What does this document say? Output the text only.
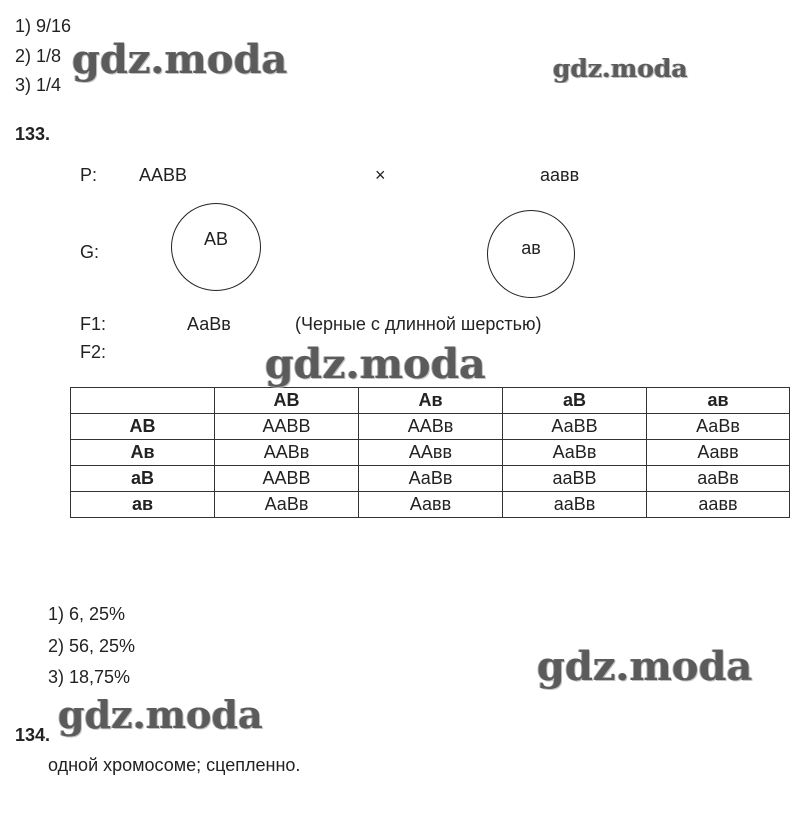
1) 9/16
2) 1/8
3) 1/4
133.
P: AABB	×	аавв
G:
АВ	ав
F1:	АаВв	(Черные с длинной шерстью)
F2:
	АВ	Ав	аВ	ав
АВ	ААВВ	ААВв	АаВВ	АаВв
Ав	ААВв	ААвв	АаВв	Аавв
аВ	ААВВ	АаВв	ааВВ	ааВв
ав	АаВв	Аавв	ааВв	аавв
1) 6, 25%
2) 56, 25%
3) 18,75%
134.
одной хромосоме; сцепленно.
gdz.moda	gdz.moda
gdz.moda
gdz.moda
gdz.moda
